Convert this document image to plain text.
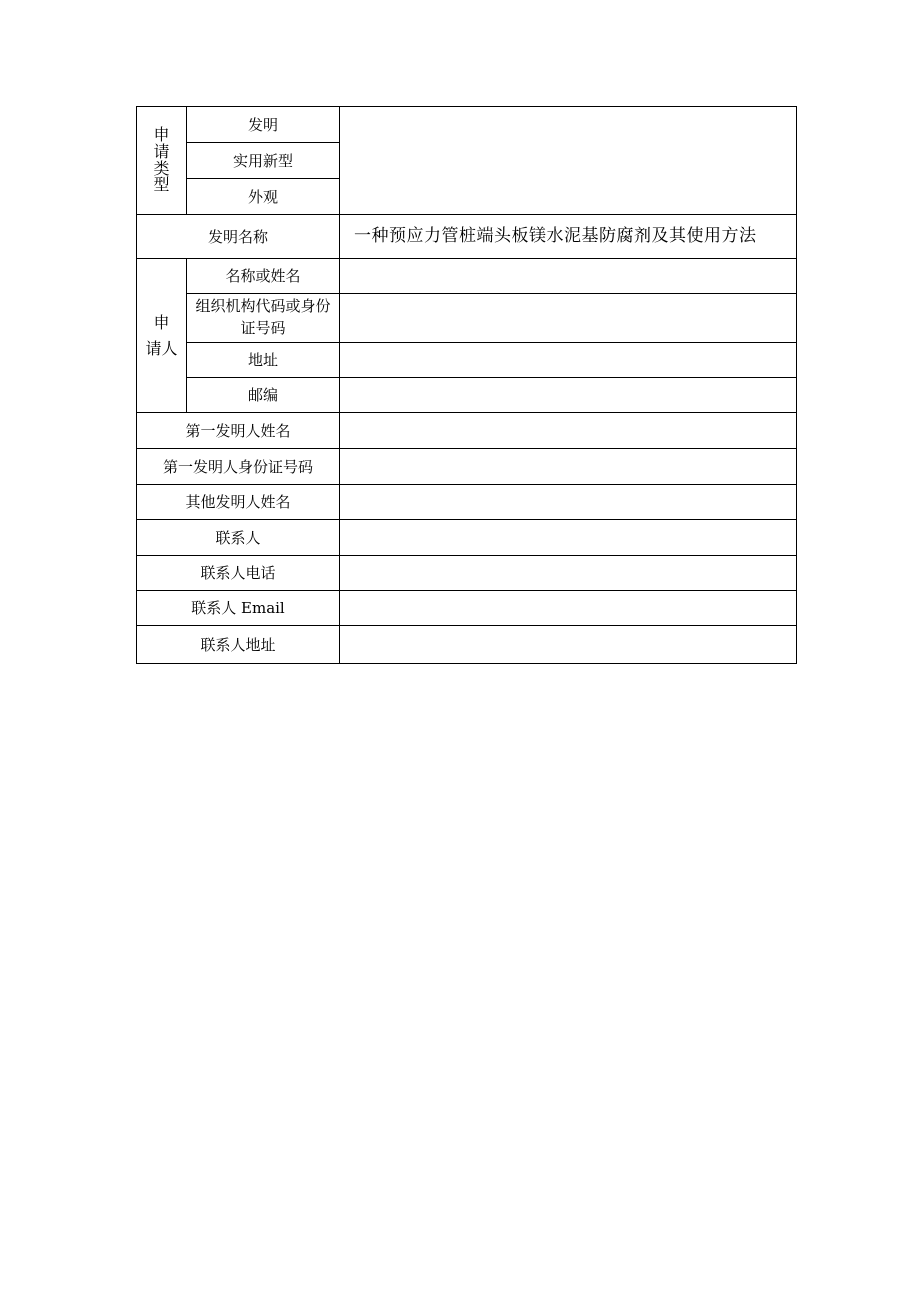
申请类型	发明	
	实用新型	
	外观	
发明名称		一种预应力管桩端头板镁水泥基防腐剂及其使用方法

申
请人	名称或姓名	
	组织机构代码或身份证号码	
	地址	
	邮编	
第一发明人姓名		
第一发明人身份证号码		
其他发明人姓名		
联系人		
联系人电话		
联系人 Email		
联系人地址		
